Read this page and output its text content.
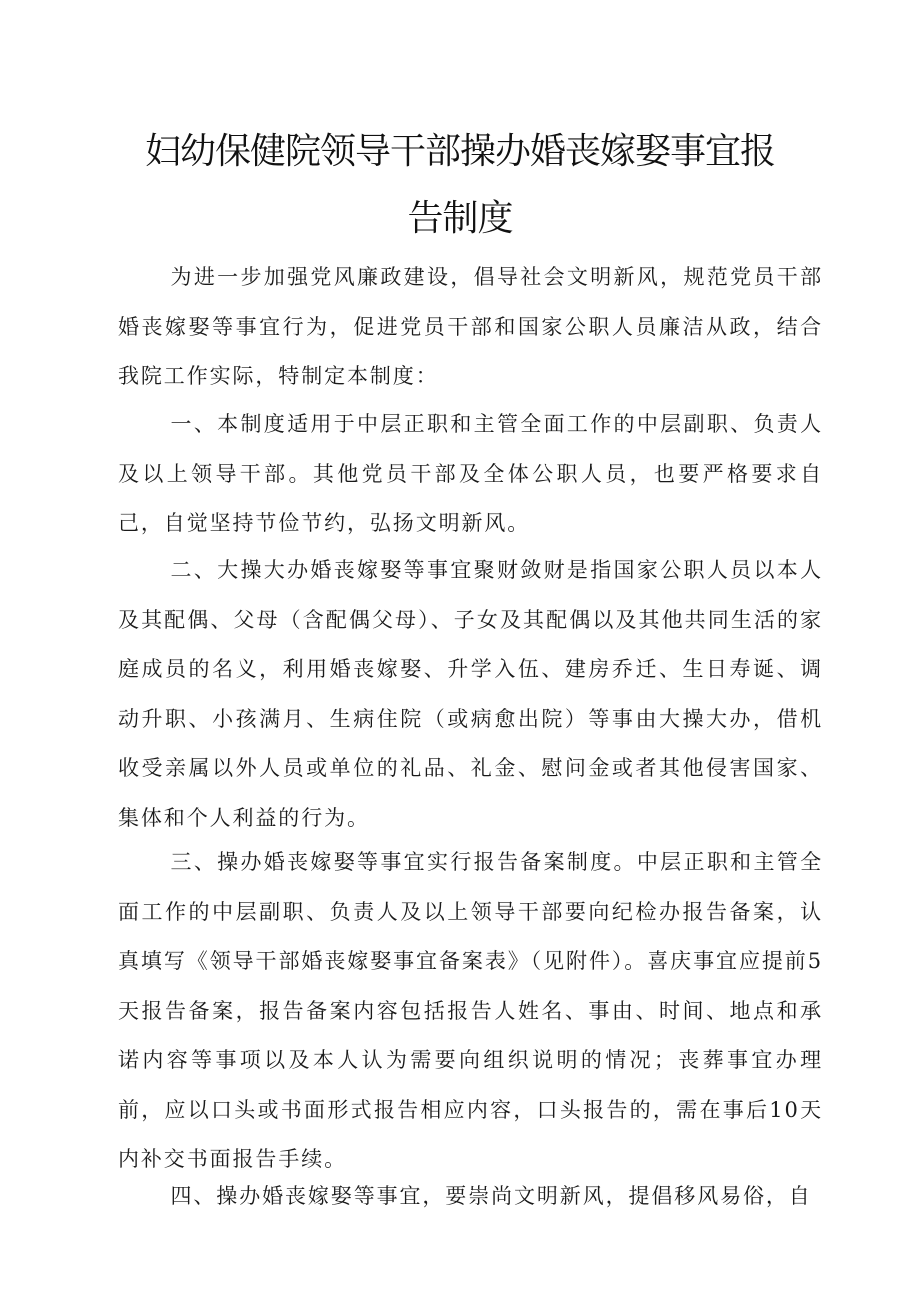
妇幼保健院领导干部操办婚丧嫁娶事宜报
告制度

为进一步加强党风廉政建设，倡导社会文明新风，规范党员干部婚丧嫁娶等事宜行为，促进党员干部和国家公职人员廉洁从政，结合我院工作实际，特制定本制度：

一、本制度适用于中层正职和主管全面工作的中层副职、负责人及以上领导干部。其他党员干部及全体公职人员，也要严格要求自己，自觉坚持节俭节约，弘扬文明新风。

二、大操大办婚丧嫁娶等事宜聚财敛财是指国家公职人员以本人及其配偶、父母（含配偶父母）、子女及其配偶以及其他共同生活的家庭成员的名义，利用婚丧嫁娶、升学入伍、建房乔迁、生日寿诞、调动升职、小孩满月、生病住院（或病愈出院）等事由大操大办，借机收受亲属以外人员或单位的礼品、礼金、慰问金或者其他侵害国家、集体和个人利益的行为。

三、操办婚丧嫁娶等事宜实行报告备案制度。中层正职和主管全面工作的中层副职、负责人及以上领导干部要向纪检办报告备案，认真填写《领导干部婚丧嫁娶事宜备案表》（见附件）。喜庆事宜应提前5天报告备案，报告备案内容包括报告人姓名、事由、时间、地点和承诺内容等事项以及本人认为需要向组织说明的情况；丧葬事宜办理前，应以口头或书面形式报告相应内容，口头报告的，需在事后10天内补交书面报告手续。

四、操办婚丧嫁娶等事宜，要崇尚文明新风，提倡移风易俗，自
